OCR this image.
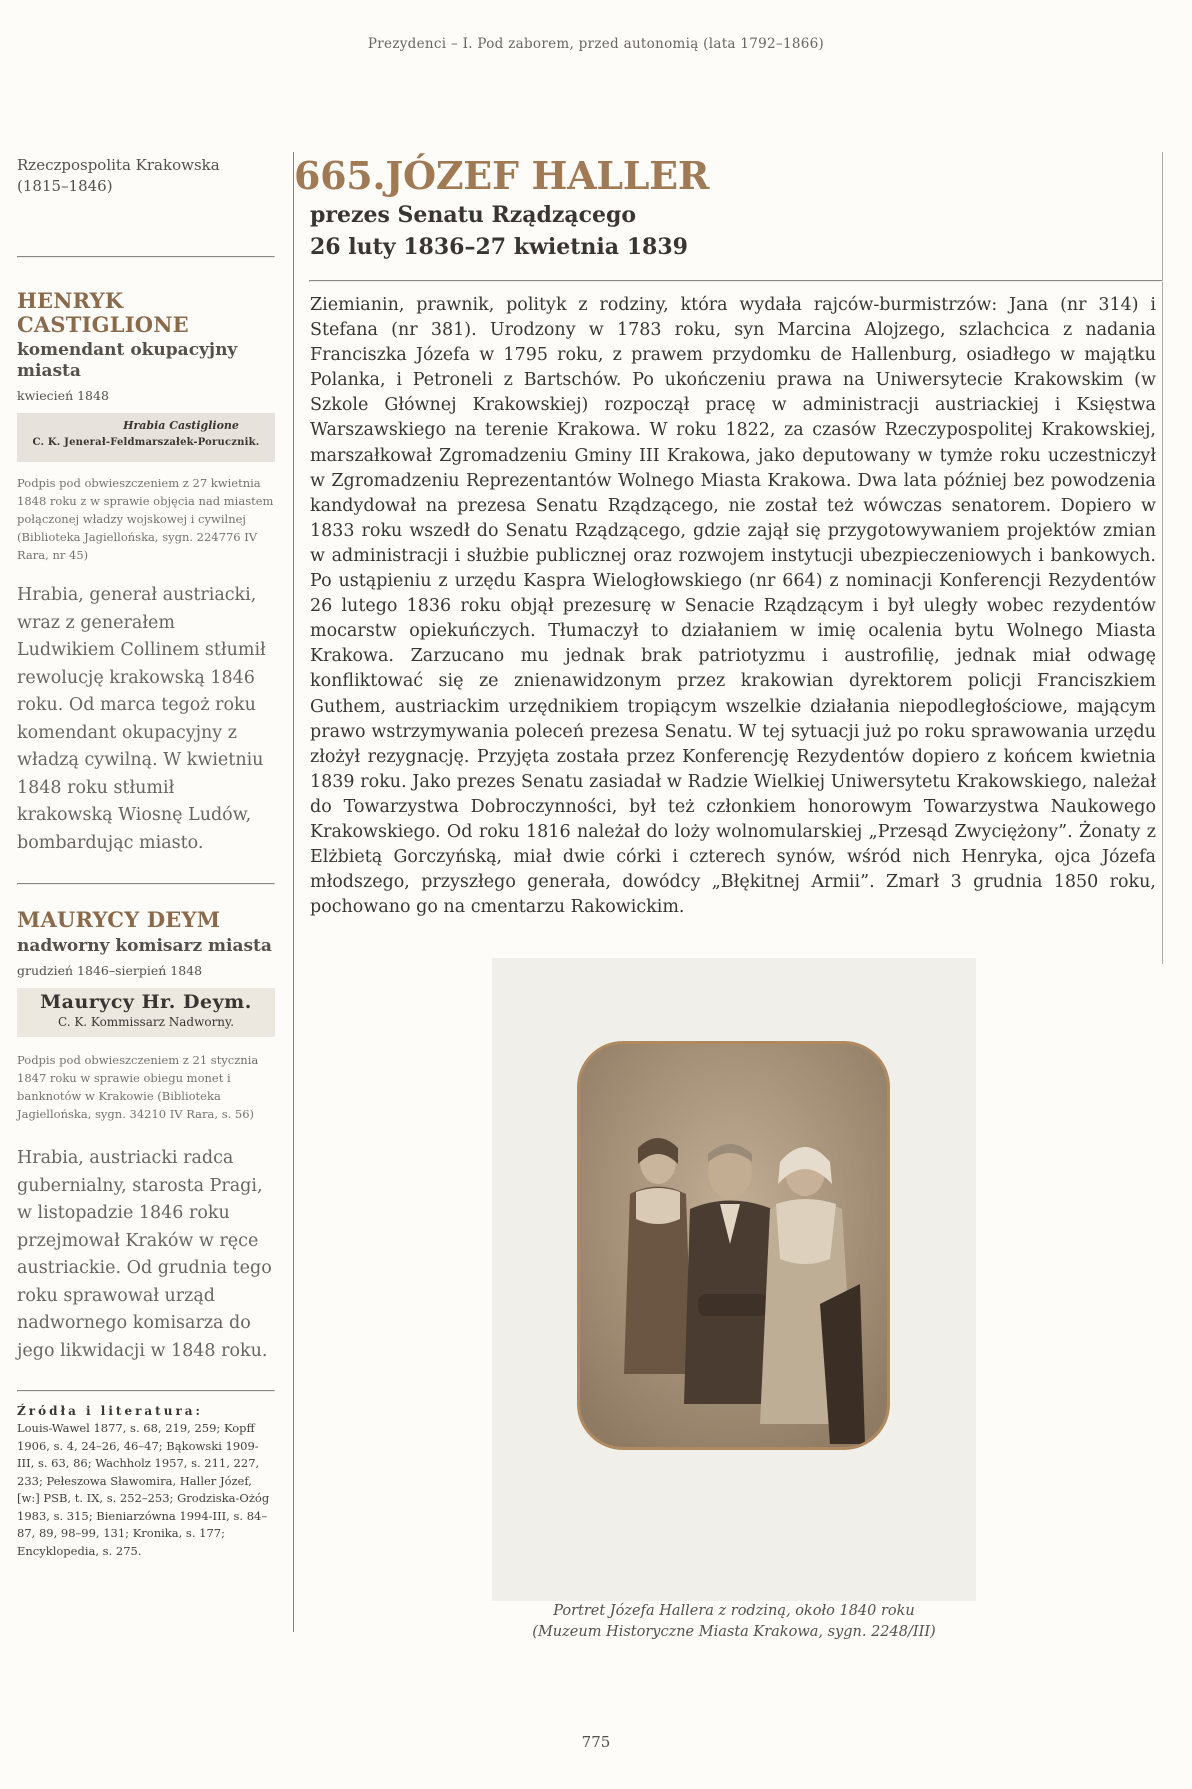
Prezydenci – I. Pod zaborem, przed autonomią (lata 1792–1866)
Rzeczpospolita Krakowska
(1815–1846)
HENRYK CASTIGLIONE
komendant okupacyjny miasta
kwiecień 1848
Hrabia Castiglione
C. K. Jenerał-Feldmarszałek-Porucznik.
Podpis pod obwieszczeniem z 27 kwietnia 1848 roku z w sprawie objęcia nad miastem połączonej władzy wojskowej i cywilnej (Biblioteka Jagiellońska, sygn. 224776 IV Rara, nr 45)
Hrabia, generał austriacki, wraz z generałem Ludwikiem Collinem stłumił rewolucję krakowską 1846 roku. Od marca tegoż roku komendant okupacyjny z władzą cywilną. W kwietniu 1848 roku stłumił krakowską Wiosnę Ludów, bombardując miasto.
MAURYCY DEYM
nadworny komisarz miasta
grudzień 1846–sierpień 1848
Maurycy Hr. Deym.
C. K. Kommissarz Nadworny.
Podpis pod obwieszczeniem z 21 stycznia 1847 roku w sprawie obiegu monet i banknotów w Krakowie (Biblioteka Jagiellońska, sygn. 34210 IV Rara, s. 56)
Hrabia, austriacki radca gubernialny, starosta Pragi, w listopadzie 1846 roku przejmował Kraków w ręce austriackie. Od grudnia tego roku sprawował urząd nadwornego komisarza do jego likwidacji w 1848 roku.
Źródła i literatura:
Louis-Wawel 1877, s. 68, 219, 259; Kopff 1906, s. 4, 24–26, 46–47; Bąkowski 1909-III, s. 63, 86; Wachholz 1957, s. 211, 227, 233; Pełeszowa Sławomira, Haller Józef, [w:] PSB, t. IX, s. 252–253; Grodziska-Ożóg 1983, s. 315; Bieniarzówna 1994-III, s. 84–87, 89, 98–99, 131; Kronika, s. 177; Encyklopedia, s. 275.
665.JÓZEF HALLER
prezes Senatu Rządzącego
26 luty 1836–27 kwietnia 1839

Ziemianin, prawnik, polityk z rodziny, która wydała rajców-burmistrzów: Jana (nr 314) i Stefana (nr 381). Urodzony w 1783 roku, syn Marcina Alojzego, szlachcica z nadania Franciszka Józefa w 1795 roku, z prawem przydomku de Hallenburg, osiadłego w majątku Polanka, i Petroneli z Bartschów. Po ukończeniu prawa na Uniwersytecie Krakowskim (w Szkole Głównej Krakowskiej) rozpoczął pracę w administracji austriackiej i Księstwa Warszawskiego na terenie Krakowa. W roku 1822, za czasów Rzeczypospolitej Krakowskiej, marszałkował Zgromadzeniu Gminy III Krakowa, jako deputowany w tymże roku uczestniczył w Zgromadzeniu Reprezentantów Wolnego Miasta Krakowa. Dwa lata później bez powodzenia kandydował na prezesa Senatu Rządzącego, nie został też wówczas senatorem. Dopiero w 1833 roku wszedł do Senatu Rządzącego, gdzie zajął się przygotowywaniem projektów zmian w administracji i służbie publicznej oraz rozwojem instytucji ubezpieczeniowych i bankowych. Po ustąpieniu z urzędu Kaspra Wielogłowskiego (nr 664) z nominacji Konferencji Rezydentów 26 lutego 1836 roku objął prezesurę w Senacie Rządzącym i był uległy wobec rezydentów mocarstw opiekuńczych. Tłumaczył to działaniem w imię ocalenia bytu Wolnego Miasta Krakowa. Zarzucano mu jednak brak patriotyzmu i austrofilię, jednak miał odwagę konfliktować się ze znienawidzonym przez krakowian dyrektorem policji Franciszkiem Guthem, austriackim urzędnikiem tropiącym wszelkie działania niepodległościowe, mającym prawo wstrzymywania poleceń prezesa Senatu. W tej sytuacji już po roku sprawowania urzędu złożył rezygnację. Przyjęta została przez Konferencję Rezydentów dopiero z końcem kwietnia 1839 roku. Jako prezes Senatu zasiadał w Radzie Wielkiej Uniwersytetu Krakowskiego, należał do Towarzystwa Dobroczynności, był też członkiem honorowym Towarzystwa Naukowego Krakowskiego. Od roku 1816 należał do loży wolnomularskiej „Przesąd Zwyciężony”. Żonaty z Elżbietą Gorczyńską, miał dwie córki i czterech synów, wśród nich Henryka, ojca Józefa młodszego, przyszłego generała, dowódcy „Błękitnej Armii”. Zmarł 3 grudnia 1850 roku, pochowano go na cmentarzu Rakowickim.

Portret Józefa Hallera z rodziną, około 1840 roku
(Muzeum Historyczne Miasta Krakowa, sygn. 2248/III)
775
